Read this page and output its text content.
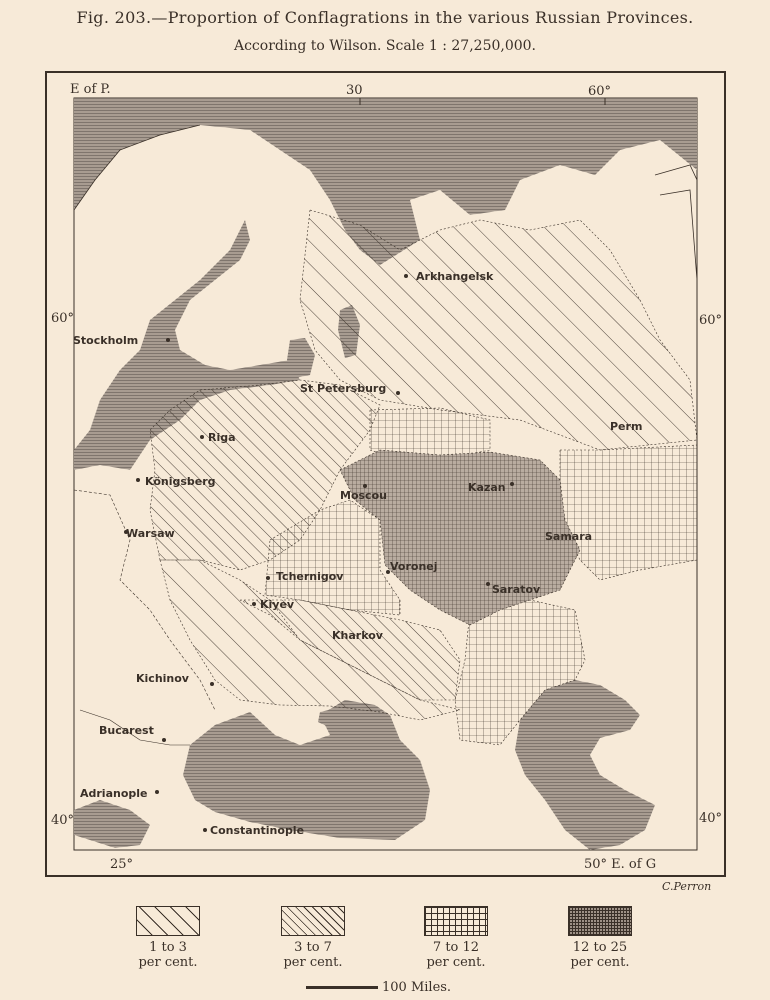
Fig. 203.—Proportion of Conflagrations in the various Russian Provinces.
According to Wilson. Scale 1 : 27,250,000.
E of P.	30	60°
60°	60°
40°	40°
25°	50° E. of G
Arkhangelsk
Stockholm
St Petersburg
Riga
Perm
Königsberg
Moscou
Kazan
Warsaw	Samara
Tchernigov
Voronej
Saratov
Kiyev
Kharkov
Kichinov
Bucarest
Adrianople
Constantinople
C.Perron
1 to 3
per cent.
3 to 7
per cent.
7 to 12
per cent.
12 to 25
per cent.
100 Miles.
